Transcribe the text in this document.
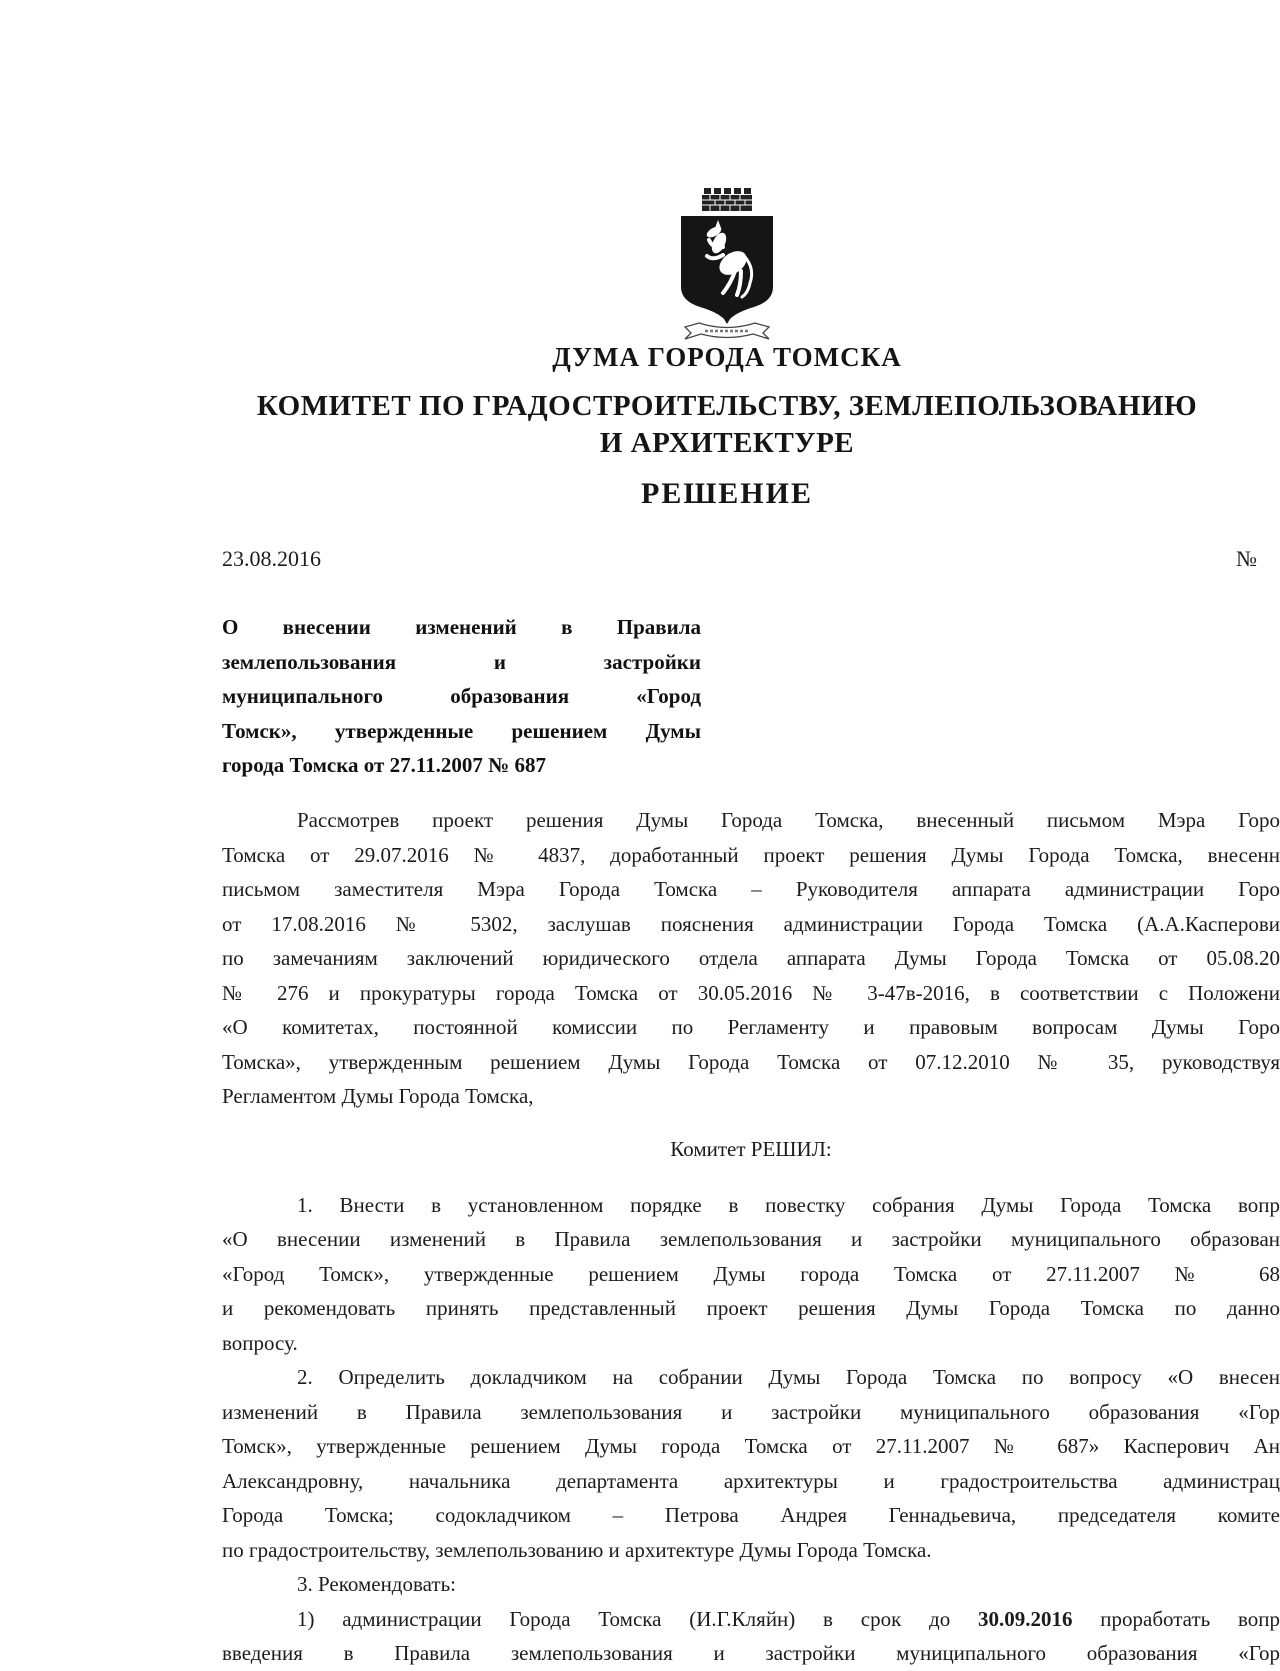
ДУМА ГОРОДА ТОМСКА
КОМИТЕТ ПО ГРАДОСТРОИТЕЛЬСТВУ, ЗЕМЛЕПОЛЬЗОВАНИЮ
И АРХИТЕКТУРЕ
РЕШЕНИЕ
23.08.2016	№
О внесении изменений в Правила
землепользования и застройки
муниципального образования «Город
Томск», утвержденные решением Думы
города Томска от 27.11.2007 № 687
Рассмотрев проект решения Думы Города Томска, внесенный письмом Мэра Горо
Томска от 29.07.2016 № 4837, доработанный проект решения Думы Города Томска, внесенн
письмом заместителя Мэра Города Томска – Руководителя аппарата администрации Горо
от 17.08.2016 № 5302, заслушав пояснения администрации Города Томска (А.А.Касперови
по замечаниям заключений юридического отдела аппарата Думы Города Томска от 05.08.20
№ 276 и прокуратуры города Томска от 30.05.2016 № 3-47в-2016, в соответствии с Положени
«О комитетах, постоянной комиссии по Регламенту и правовым вопросам Думы Горо
Томска», утвержденным решением Думы Города Томска от 07.12.2010 № 35, руководствуя
Регламентом Думы Города Томска,
Комитет РЕШИЛ:
1. Внести в установленном порядке в повестку собрания Думы Города Томска вопр
«О внесении изменений в Правила землепользования и застройки муниципального образован
«Город Томск», утвержденные решением Думы города Томска от 27.11.2007 № 68
и рекомендовать принять представленный проект решения Думы Города Томска по данно
вопросу.
2. Определить докладчиком на собрании Думы Города Томска по вопросу «О внесен
изменений в Правила землепользования и застройки муниципального образования «Гор
Томск», утвержденные решением Думы города Томска от 27.11.2007 № 687» Касперович Ан
Александровну, начальника департамента архитектуры и градостроительства администрац
Города Томска; содокладчиком – Петрова Андрея Геннадьевича, председателя комите
по градостроительству, землепользованию и архитектуре Думы Города Томска.
3. Рекомендовать:
1) администрации Города Томска (И.Г.Кляйн) в срок до 30.09.2016 проработать вопр
введения в Правила землепользования и застройки муниципального образования «Гор
